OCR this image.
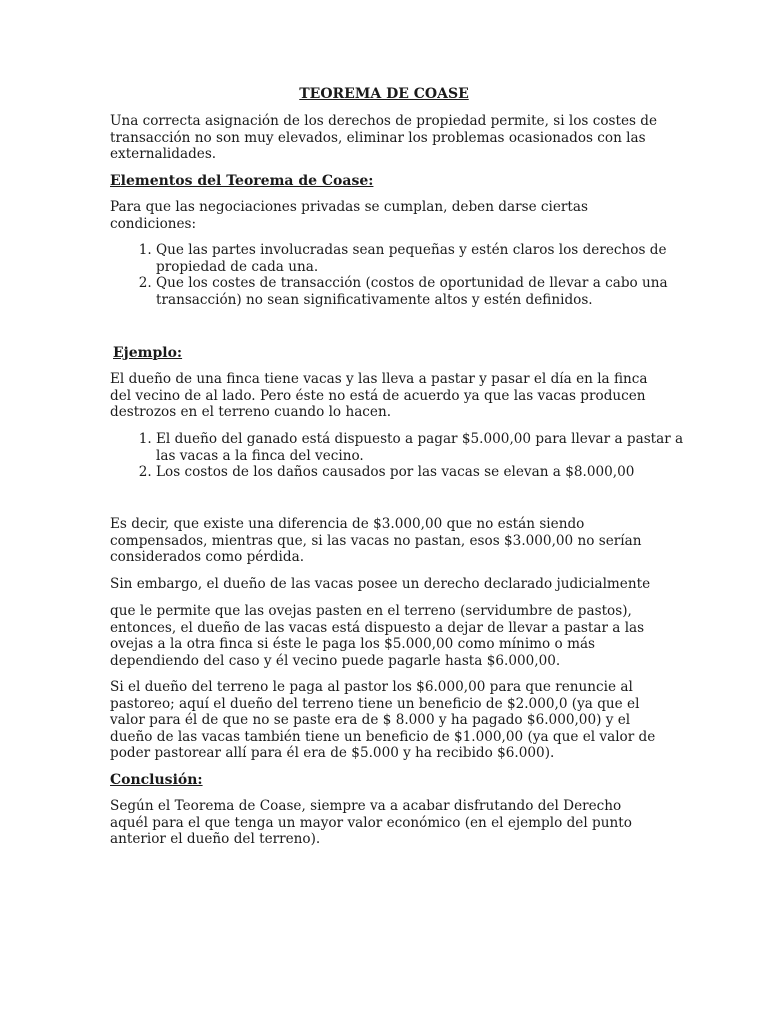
TEOREMA DE COASE

Una correcta asignación de los derechos de propiedad permite, si los costes de transacción no son muy elevados, eliminar los problemas ocasionados con las externalidades.

Elementos del Teorema de Coase:

Para que las negociaciones privadas se cumplan, deben darse ciertas condiciones:

1. Que las partes involucradas sean pequeñas y estén claros los derechos de propiedad de cada una.
2. Que los costes de transacción (costos de oportunidad de llevar a cabo una transacción) no sean significativamente altos y estén definidos.
Ejemplo:

El dueño de una finca tiene vacas y las lleva a pastar y pasar el día en la finca del vecino de al lado. Pero éste no está de acuerdo ya que las vacas producen destrozos en el terreno cuando lo hacen.

1. El dueño del ganado está dispuesto a pagar $5.000,00 para llevar a pastar a las vacas a la finca del vecino.
2. Los costos de los daños causados por las vacas se elevan a $8.000,00

Es decir, que existe una diferencia de $3.000,00 que no están siendo compensados, mientras que, si las vacas no pastan, esos $3.000,00 no serían considerados como pérdida.

Sin embargo, el dueño de las vacas posee un derecho declarado judicialmente

que le permite que las ovejas pasten en el terreno (servidumbre de pastos), entonces, el dueño de las vacas está dispuesto a dejar de llevar a pastar a las ovejas a la otra finca si éste le paga los $5.000,00 como mínimo o más dependiendo del caso y él vecino puede pagarle hasta $6.000,00.

Si el dueño del terreno le paga al pastor los $6.000,00 para que renuncie al pastoreo; aquí el dueño del terreno tiene un beneficio de $2.000,0 (ya que el valor para él de que no se paste era de $ 8.000 y ha pagado $6.000,00) y el dueño de las vacas también tiene un beneficio de $1.000,00 (ya que el valor de poder pastorear allí para él era de $5.000 y ha recibido $6.000).

Conclusión:

Según el Teorema de Coase, siempre va a acabar disfrutando del Derecho aquél para el que tenga un mayor valor económico (en el ejemplo del punto anterior el dueño del terreno).
